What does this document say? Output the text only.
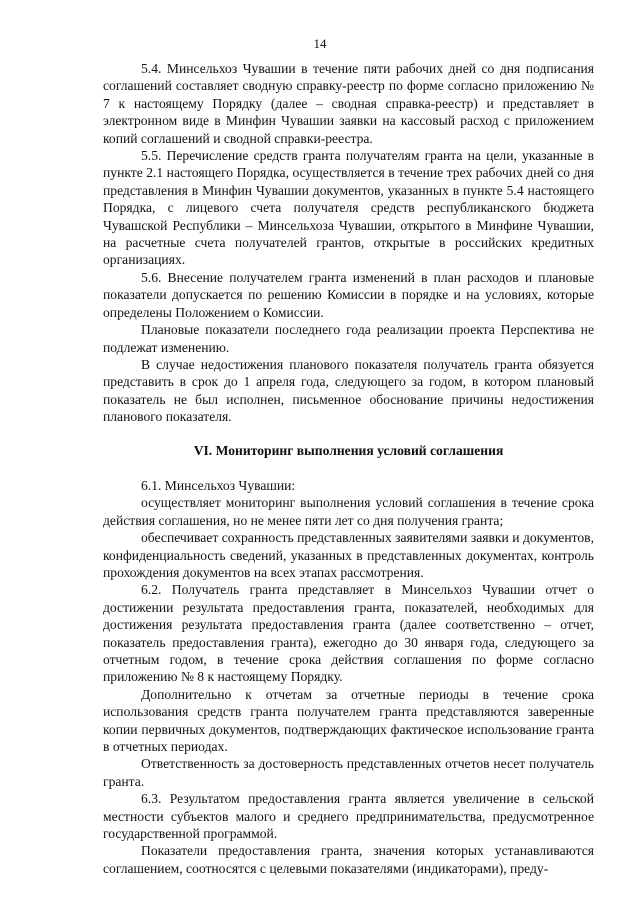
14

5.4. Минсельхоз Чувашии в течение пяти рабочих дней со дня подписания соглашений составляет сводную справку-реестр по форме согласно приложению № 7 к настоящему Порядку (далее – сводная справка-реестр) и представляет в электронном виде в Минфин Чувашии заявки на кассовый расход с приложением копий соглашений и сводной справки-реестра.

5.5. Перечисление средств гранта получателям гранта на цели, указанные в пункте 2.1 настоящего Порядка, осуществляется в течение трех рабочих дней со дня представления в Минфин Чувашии документов, указанных в пункте 5.4 настоящего Порядка, с лицевого счета получателя средств республиканского бюджета Чувашской Республики – Минсельхоза Чувашии, открытого в Минфине Чувашии, на расчетные счета получателей грантов, открытые в российских кредитных организациях.

5.6. Внесение получателем гранта изменений в план расходов и плановые показатели допускается по решению Комиссии в порядке и на условиях, которые определены Положением о Комиссии.

Плановые показатели последнего года реализации проекта Перспектива не подлежат изменению.

В случае недостижения планового показателя получатель гранта обязуется представить в срок до 1 апреля года, следующего за годом, в котором плановый показатель не был исполнен, письменное обоснование причины недостижения планового показателя.

VI. Мониторинг выполнения условий соглашения

6.1. Минсельхоз Чувашии:

осуществляет мониторинг выполнения условий соглашения в течение срока действия соглашения, но не менее пяти лет со дня получения гранта;

обеспечивает сохранность представленных заявителями заявки и документов, конфиденциальность сведений, указанных в представленных документах, контроль прохождения документов на всех этапах рассмотрения.

6.2. Получатель гранта представляет в Минсельхоз Чувашии отчет о достижении результата предоставления гранта, показателей, необходимых для достижения результата предоставления гранта (далее соответственно – отчет, показатель предоставления гранта), ежегодно до 30 января года, следующего за отчетным годом, в течение срока действия соглашения по форме согласно приложению № 8 к настоящему Порядку.

Дополнительно к отчетам за отчетные периоды в течение срока использования средств гранта получателем гранта представляются заверенные копии первичных документов, подтверждающих фактическое использование гранта в отчетных периодах.

Ответственность за достоверность представленных отчетов несет получатель гранта.

6.3. Результатом предоставления гранта является увеличение в сельской местности субъектов малого и среднего предпринимательства, предусмотренное государственной программой.

Показатели предоставления гранта, значения которых устанавливаются соглашением, соотносятся с целевыми показателями (индикаторами), преду-
